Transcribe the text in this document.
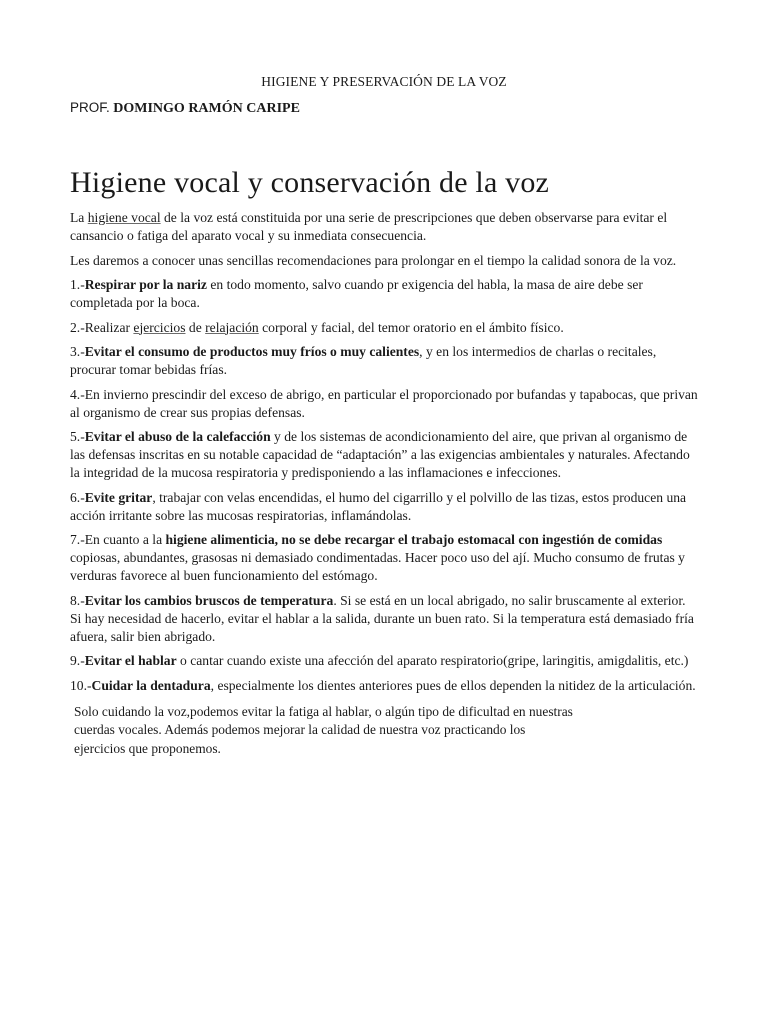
HIGIENE Y PRESERVACIÓN DE LA VOZ
PROF. DOMINGO RAMÓN CARIPE
Higiene vocal y conservación de la voz

La higiene vocal de la voz está constituida por una serie de prescripciones que deben observarse para evitar el cansancio o fatiga del aparato vocal y su inmediata consecuencia.

Les daremos a conocer unas sencillas recomendaciones para prolongar en el tiempo la calidad sonora de la voz.

1.-Respirar por la nariz en todo momento, salvo cuando pr exigencia del habla, la masa de aire debe ser completada por la boca.

2.-Realizar ejercicios de relajación corporal y facial, del temor oratorio en el ámbito físico.

3.-Evitar el consumo de productos muy fríos o muy calientes, y en los intermedios de charlas o recitales, procurar tomar bebidas frías.

4.-En invierno prescindir del exceso de abrigo, en particular el proporcionado por bufandas y tapabocas, que privan al organismo de crear sus propias defensas.

5.-Evitar el abuso de la calefacción y de los sistemas de acondicionamiento del aire, que privan al organismo de las defensas inscritas en su notable capacidad de “adaptación” a las exigencias ambientales y naturales. Afectando la integridad de la mucosa respiratoria y predisponiendo a las inflamaciones e infecciones.

6.-Evite gritar, trabajar con velas encendidas, el humo del cigarrillo y el polvillo de las tizas, estos producen una acción irritante sobre las mucosas respiratorias, inflamándolas.

7.-En cuanto a la higiene alimenticia, no se debe recargar el trabajo estomacal con ingestión de comidas copiosas, abundantes, grasosas ni demasiado condimentadas. Hacer poco uso del ají. Mucho consumo de frutas y verduras favorece al buen funcionamiento del estómago.

8.-Evitar los cambios bruscos de temperatura. Si se está en un local abrigado, no salir bruscamente al exterior. Si hay necesidad de hacerlo, evitar el hablar a la salida, durante un buen rato. Si la temperatura está demasiado fría afuera, salir bien abrigado.

9.-Evitar el hablar o cantar cuando existe una afección del aparato respiratorio(gripe, laringitis, amigdalitis, etc.)

10.-Cuidar la dentadura, especialmente los dientes anteriores pues de ellos dependen la nitidez de la articulación.

Solo cuidando la voz,podemos evitar la fatiga al hablar, o algún tipo de dificultad en nuestras
cuerdas vocales. Además podemos mejorar la calidad de nuestra voz practicando los
ejercicios que proponemos.
